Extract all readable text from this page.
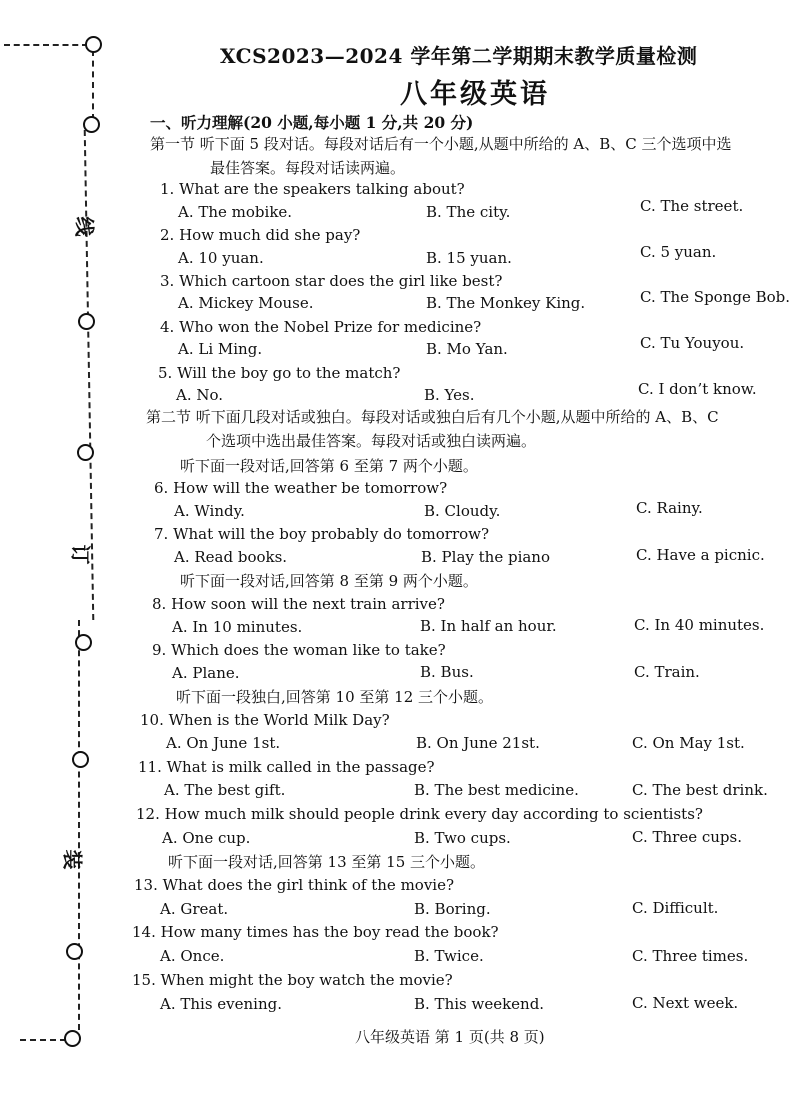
线
订
装
XCS2023—2024 学年第二学期期末教学质量检测
八年级英语
一、听力理解(20 小题,每小题 1 分,共 20 分)
第一节 听下面 5 段对话。每段对话后有一个小题,从题中所给的 A、B、C 三个选项中选
最佳答案。每段对话读两遍。
1. What are the speakers talking about?
A. The mobike.	B. The city.	C. The street.
2. How much did she pay?
A. 10 yuan.	B. 15 yuan.	C. 5 yuan.
3. Which cartoon star does the girl like best?
A. Mickey Mouse.	B. The Monkey King.	C. The Sponge Bob.
4. Who won the Nobel Prize for medicine?
A. Li Ming.	B. Mo Yan.	C. Tu Youyou.
5. Will the boy go to the match?
A. No.	B. Yes.	C. I don’t know.
第二节 听下面几段对话或独白。每段对话或独白后有几个小题,从题中所给的 A、B、C
个选项中选出最佳答案。每段对话或独白读两遍。
听下面一段对话,回答第 6 至第 7 两个小题。
6. How will the weather be tomorrow?
A. Windy.	B. Cloudy.	C. Rainy.
7. What will the boy probably do tomorrow?
A. Read books.	B. Play the piano	C. Have a picnic.
听下面一段对话,回答第 8 至第 9 两个小题。
8. How soon will the next train arrive?
A. In 10 minutes.	B. In half an hour.	C. In 40 minutes.
9. Which does the woman like to take?
A. Plane.	B. Bus.	C. Train.
听下面一段独白,回答第 10 至第 12 三个小题。
10. When is the World Milk Day?
A. On June 1st.	B. On June 21st.	C. On May 1st.
11. What is milk called in the passage?
A. The best gift.	B. The best medicine.	C. The best drink.
12. How much milk should people drink every day according to scientists?
A. One cup.	B. Two cups.	C. Three cups.
听下面一段对话,回答第 13 至第 15 三个小题。
13. What does the girl think of the movie?
A. Great.	B. Boring.	C. Difficult.
14. How many times has the boy read the book?
A. Once.	B. Twice.	C. Three times.
15. When might the boy watch the movie?
A. This evening.	B. This weekend.	C. Next week.
八年级英语 第 1 页(共 8 页)
